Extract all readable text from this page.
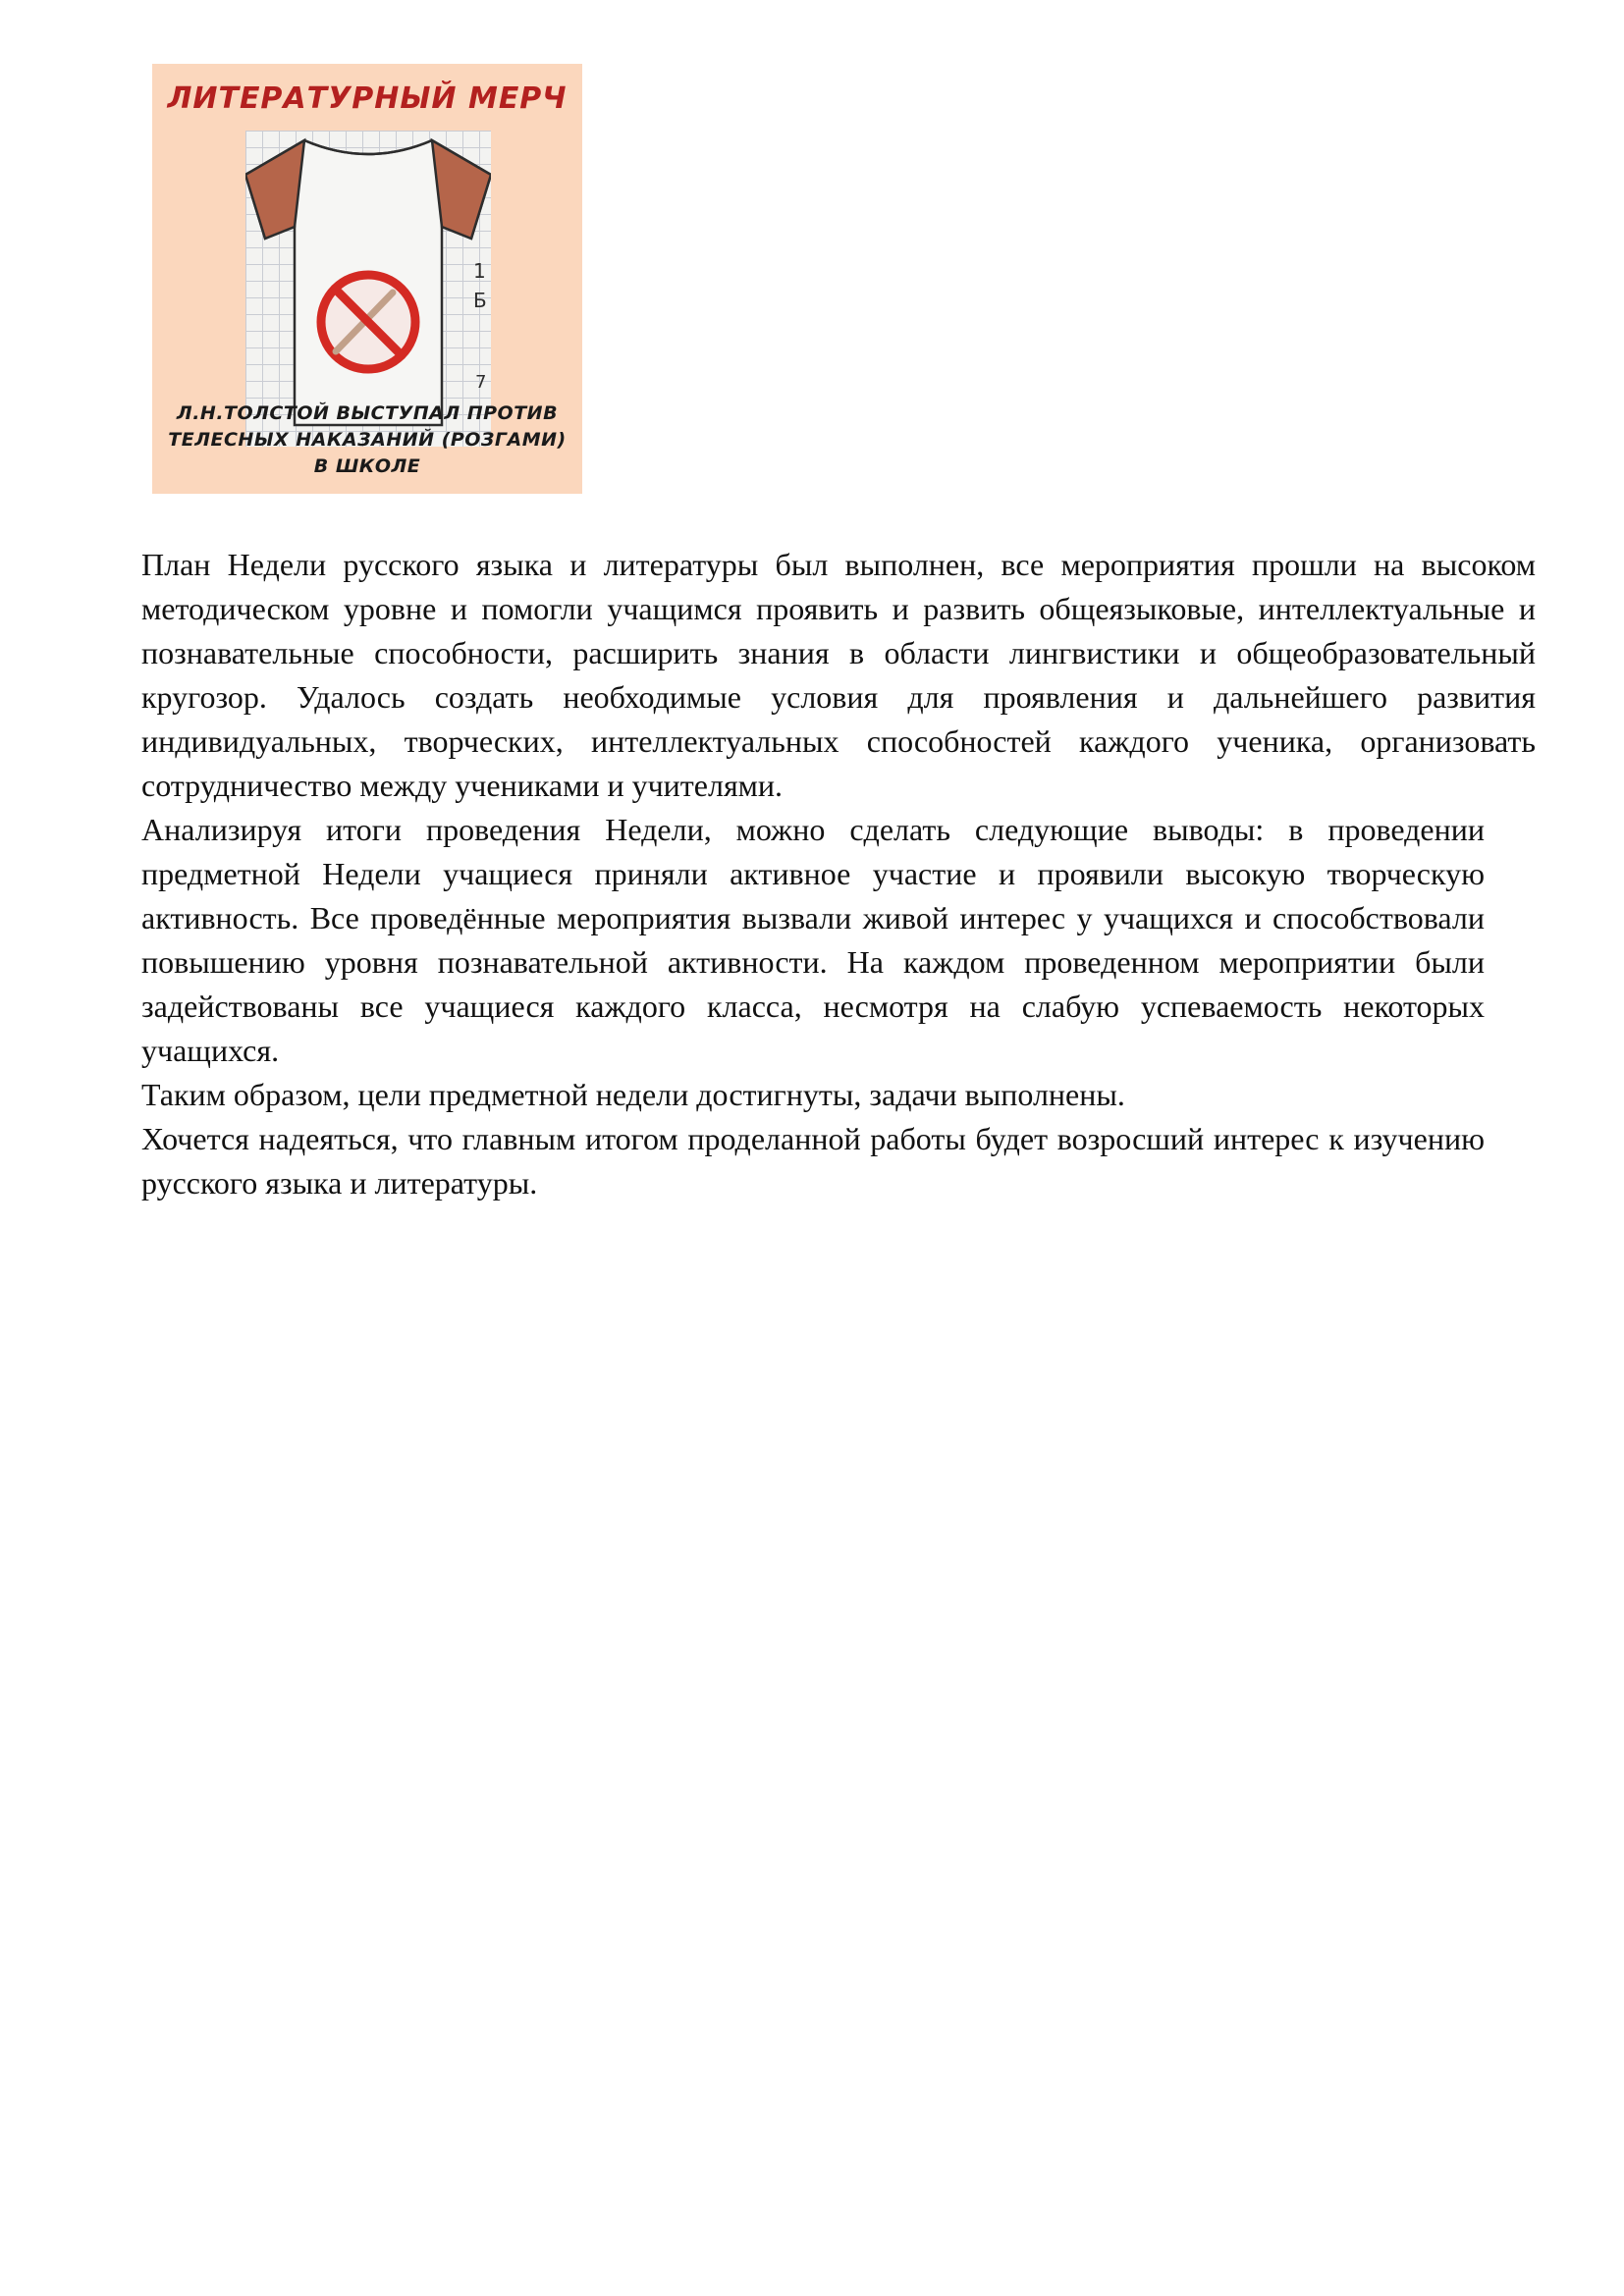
ЛИТЕРАТУРНЫЙ МЕРЧ
1
Б
7
Л.Н.ТОЛСТОЙ ВЫСТУПАЛ ПРОТИВ
ТЕЛЕСНЫХ НАКАЗАНИЙ (РОЗГАМИ)
В ШКОЛЕ

План Недели русского языка и литературы был выполнен, все мероприятия прошли на высоком методическом уровне и помогли учащимся проявить и развить общеязыковые, интеллектуальные и познавательные способности, расширить знания в области лингвистики и общеобразовательный кругозор. Удалось создать необходимые условия для проявления и дальнейшего развития индивидуальных, творческих, интеллектуальных способностей каждого ученика, организовать сотрудничество между учениками и учителями.

Анализируя итоги проведения Недели, можно сделать следующие выводы: в проведении предметной Недели учащиеся приняли активное участие и проявили высокую творческую активность. Все проведённые мероприятия вызвали живой интерес у учащихся и способствовали повышению уровня познавательной активности. На каждом проведенном мероприятии были задействованы все учащиеся каждого класса, несмотря на слабую успеваемость некоторых учащихся.

Таким образом, цели предметной недели достигнуты, задачи выполнены.

Хочется надеяться, что главным итогом проделанной работы будет возросший интерес к изучению русского языка и литературы.
